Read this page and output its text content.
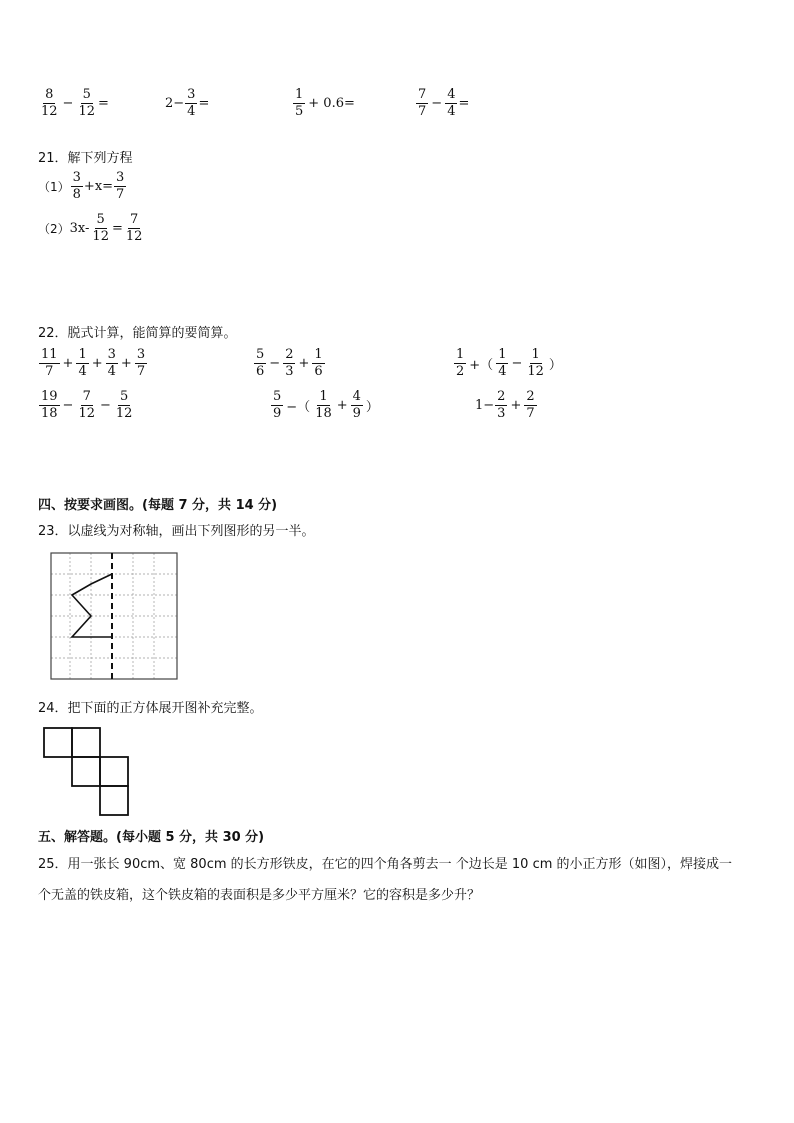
$\frac{8}{12} - \frac{5}{12}$ =	$2- \frac{3}{4}$ =	$\frac{1}{5} + 0.6=$	$\frac{7}{7} - \frac{4}{4}$ =
21．解下列方程
$(1) \frac{3}{8} +x= \frac{3}{7}$
（2） $3x- \frac{5}{12} = \frac{7}{12}$
22．脱式计算，能简算的要简算。
$\frac{11}{7} + \frac{1}{4} + \frac{3}{4} + \frac{3}{7}$	$\frac{5}{6} - \frac{2}{3} + \frac{1}{6}$	$\frac{1}{2}$ +（ $\frac{1}{4} - \frac{1}{12}$ ）
$\frac{19}{18} - \frac{7}{12} - \frac{5}{12}$	$\frac{5}{9}$ −（ $\frac{1}{18} + \frac{4}{9}$ ）	$1- \frac{2}{3} + \frac{2}{7}$
四、按要求画图。(每题 7 分，共 14 分)
23．以虚线为对称轴，画出下列图形的另一半。
24．把下面的正方体展开图补充完整。
五、解答题。(每小题 5 分，共 30 分)
25．用一张长 90cm、宽 80cm 的长方形铁皮，在它的四个角各剪去一 个边长是 10 cm 的小正方形（如图），焊接成一
个无盖的铁皮箱，这个铁皮箱的表面积是多少平方厘米？它的容积是多少升？
